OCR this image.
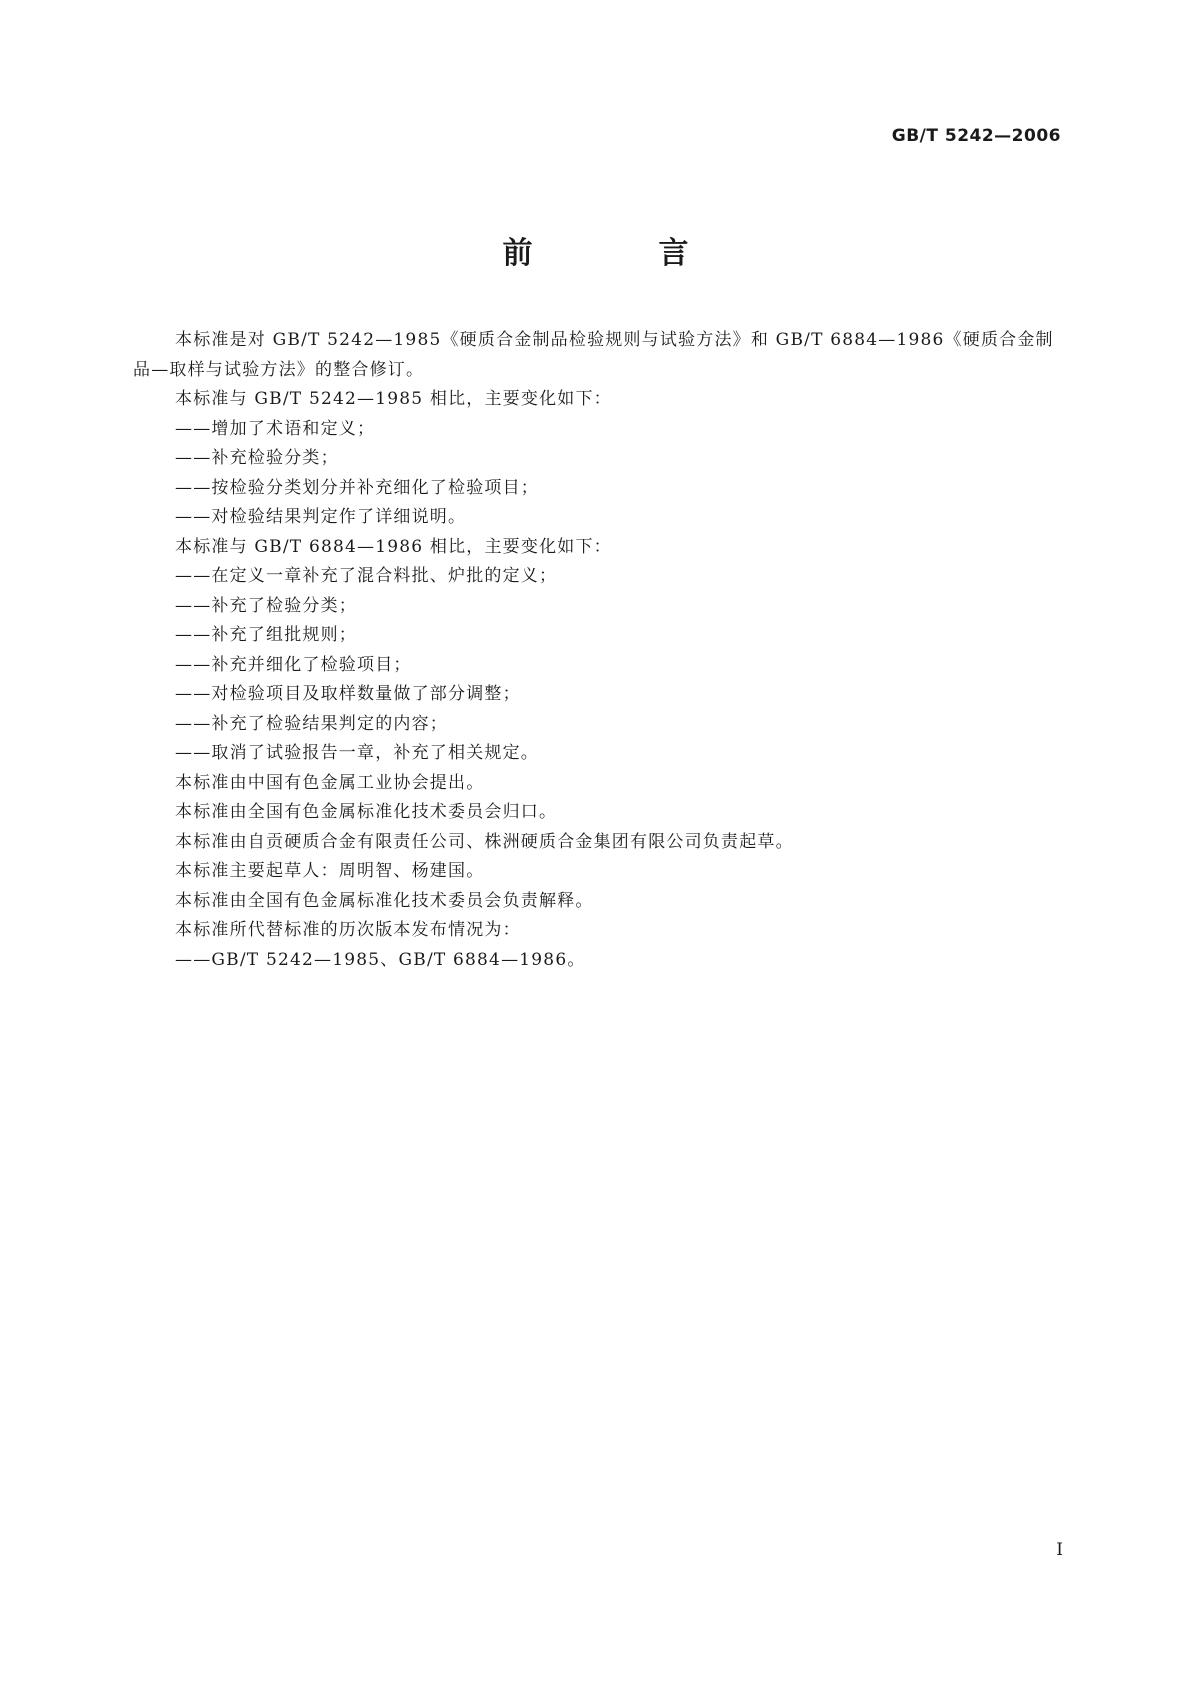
GB/T 5242—2006
前　言

本标准是对 GB/T 5242—1985《硬质合金制品检验规则与试验方法》和 GB/T 6884—1986《硬质合金制品—取样与试验方法》的整合修订。

本标准与 GB/T 5242—1985 相比，主要变化如下：

——增加了术语和定义；

——补充检验分类；

——按检验分类划分并补充细化了检验项目；

——对检验结果判定作了详细说明。

本标准与 GB/T 6884—1986 相比，主要变化如下：

——在定义一章补充了混合料批、炉批的定义；

——补充了检验分类；

——补充了组批规则；

——补充并细化了检验项目；

——对检验项目及取样数量做了部分调整；

——补充了检验结果判定的内容；

——取消了试验报告一章，补充了相关规定。

本标准由中国有色金属工业协会提出。

本标准由全国有色金属标准化技术委员会归口。

本标准由自贡硬质合金有限责任公司、株洲硬质合金集团有限公司负责起草。

本标准主要起草人：周明智、杨建国。

本标准由全国有色金属标准化技术委员会负责解释。

本标准所代替标准的历次版本发布情况为：

——GB/T 5242—1985、GB/T 6884—1986。

I
